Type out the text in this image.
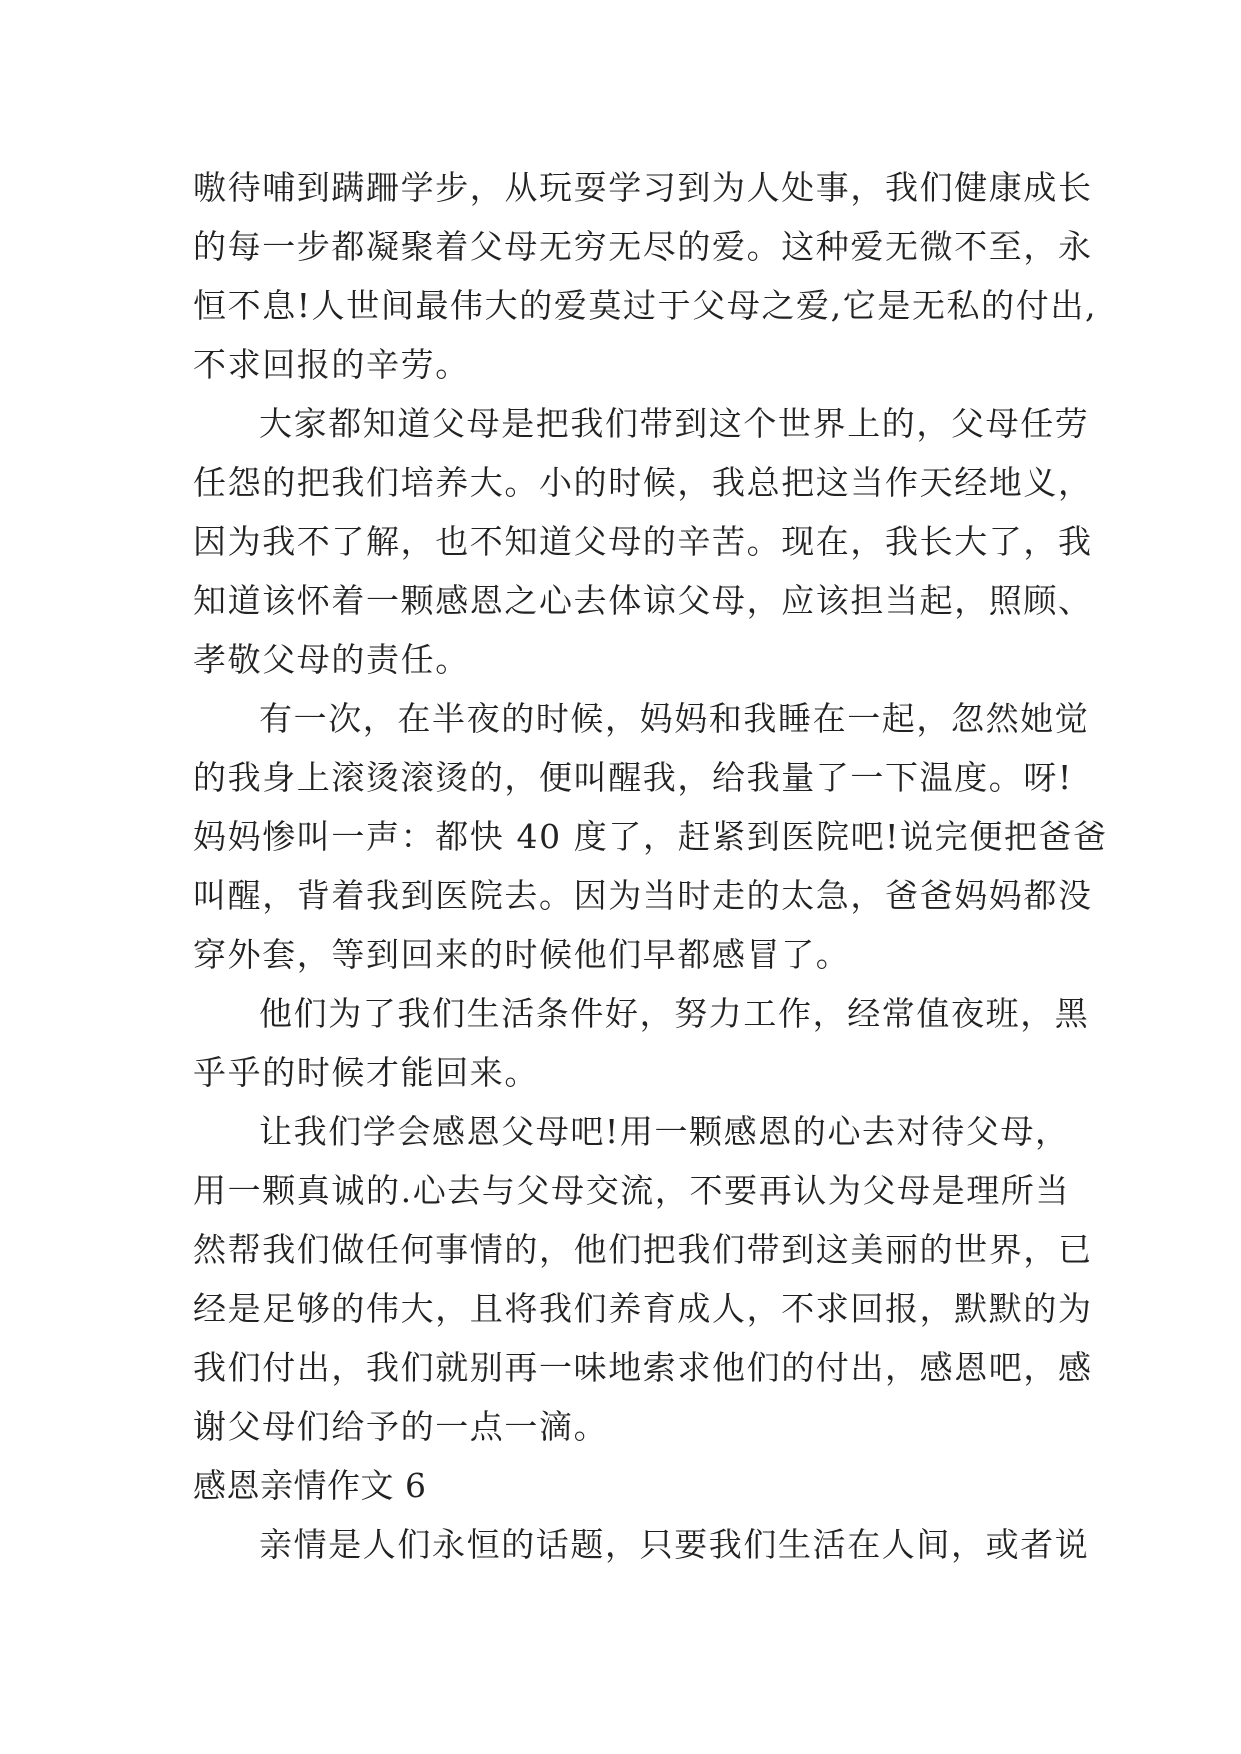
嗷待哺到蹒跚学步，从玩耍学习到为人处事，我们健康成长
的每一步都凝聚着父母无穷无尽的爱。这种爱无微不至，永
恒不息!人世间最伟大的爱莫过于父母之爱,它是无私的付出,
不求回报的辛劳。
大家都知道父母是把我们带到这个世界上的，父母任劳
任怨的把我们培养大。小的时候，我总把这当作天经地义，
因为我不了解，也不知道父母的辛苦。现在，我长大了，我
知道该怀着一颗感恩之心去体谅父母，应该担当起，照顾、
孝敬父母的责任。
有一次，在半夜的时候，妈妈和我睡在一起，忽然她觉
的我身上滚烫滚烫的，便叫醒我，给我量了一下温度。呀!
妈妈惨叫一声：都快 40 度了，赶紧到医院吧!说完便把爸爸
叫醒，背着我到医院去。因为当时走的太急，爸爸妈妈都没
穿外套，等到回来的时候他们早都感冒了。
他们为了我们生活条件好，努力工作，经常值夜班，黑
乎乎的时候才能回来。
让我们学会感恩父母吧!用一颗感恩的心去对待父母，
用一颗真诚的.心去与父母交流，不要再认为父母是理所当
然帮我们做任何事情的，他们把我们带到这美丽的世界，已
经是足够的伟大，且将我们养育成人，不求回报，默默的为
我们付出，我们就别再一味地索求他们的付出，感恩吧，感
谢父母们给予的一点一滴。
感恩亲情作文 6
亲情是人们永恒的话题，只要我们生活在人间，或者说
